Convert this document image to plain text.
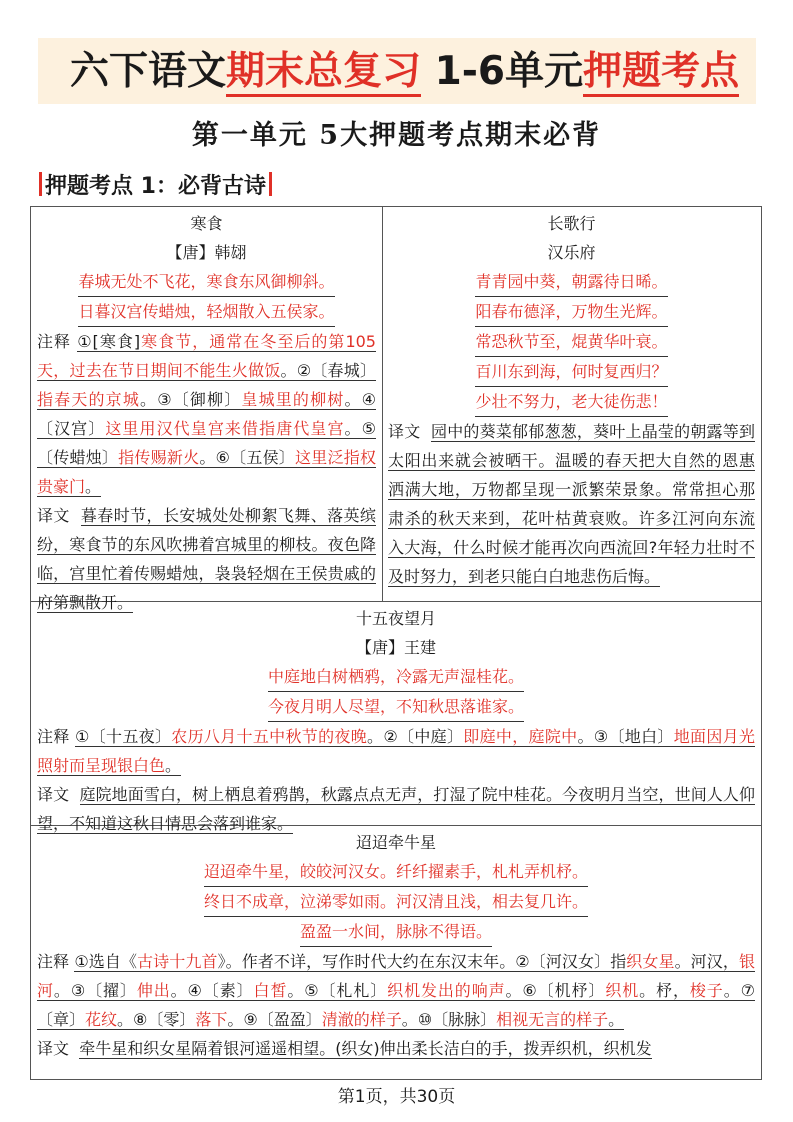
六下语文期末总复习 1-6单元押题考点
第一单元 5大押题考点期末必背
押题考点 1：必背古诗
寒食
【唐】韩翃
春城无处不飞花，寒食东风御柳斜。
日暮汉宫传蜡烛，轻烟散入五侯家。

注释 ①[寒食]寒食节，通常在冬至后的第105天，过去在节日期间不能生火做饭。②〔春城〕指春天的京城。③〔御柳〕皇城里的柳树。④〔汉宫〕这里用汉代皇宫来借指唐代皇宫。⑤〔传蜡烛〕指传赐新火。⑥〔五侯〕这里泛指权贵豪门。

译文 暮春时节，长安城处处柳絮飞舞、落英缤纷，寒食节的东风吹拂着宫城里的柳枝。夜色降临，宫里忙着传赐蜡烛，袅袅轻烟在王侯贵戚的府第飘散开。

长歌行
汉乐府
青青园中葵，朝露待日晞。
阳春布德泽，万物生光辉。
常恐秋节至，焜黄华叶衰。
百川东到海，何时复西归？
少壮不努力，老大徒伤悲！

译文 园中的葵菜郁郁葱葱，葵叶上晶莹的朝露等到太阳出来就会被晒干。温暖的春天把大自然的恩惠洒满大地，万物都呈现一派繁荣景象。常常担心那肃杀的秋天来到，花叶枯黄衰败。许多江河向东流入大海，什么时候才能再次向西流回?年轻力壮时不及时努力，到老只能白白地悲伤后悔。

十五夜望月
【唐】王建
中庭地白树栖鸦，冷露无声湿桂花。
今夜月明人尽望，不知秋思落谁家。

注释 ①〔十五夜〕农历八月十五中秋节的夜晚。②〔中庭〕即庭中，庭院中。③〔地白〕地面因月光照射而呈现银白色。

译文 庭院地面雪白，树上栖息着鸦鹊，秋露点点无声，打湿了院中桂花。今夜明月当空，世间人人仰望，不知道这秋日情思会落到谁家。

迢迢牵牛星
迢迢牵牛星，皎皎河汉女。纤纤擢素手，札札弄机杼。
终日不成章，泣涕零如雨。河汉清且浅，相去复几许。
盈盈一水间，脉脉不得语。

注释 ①选自《古诗十九首》。作者不详，写作时代大约在东汉末年。②〔河汉女〕指织女星。河汉，银河。③〔擢〕伸出。④〔素〕白皙。⑤〔札札〕织机发出的响声。⑥〔机杼〕织机。杼，梭子。⑦〔章〕花纹。⑧〔零〕落下。⑨〔盈盈〕清澈的样子。⑩〔脉脉〕相视无言的样子。

译文 牵牛星和织女星隔着银河遥遥相望。(织女)伸出柔长洁白的手，拨弄织机，织机发

第1页，共30页
